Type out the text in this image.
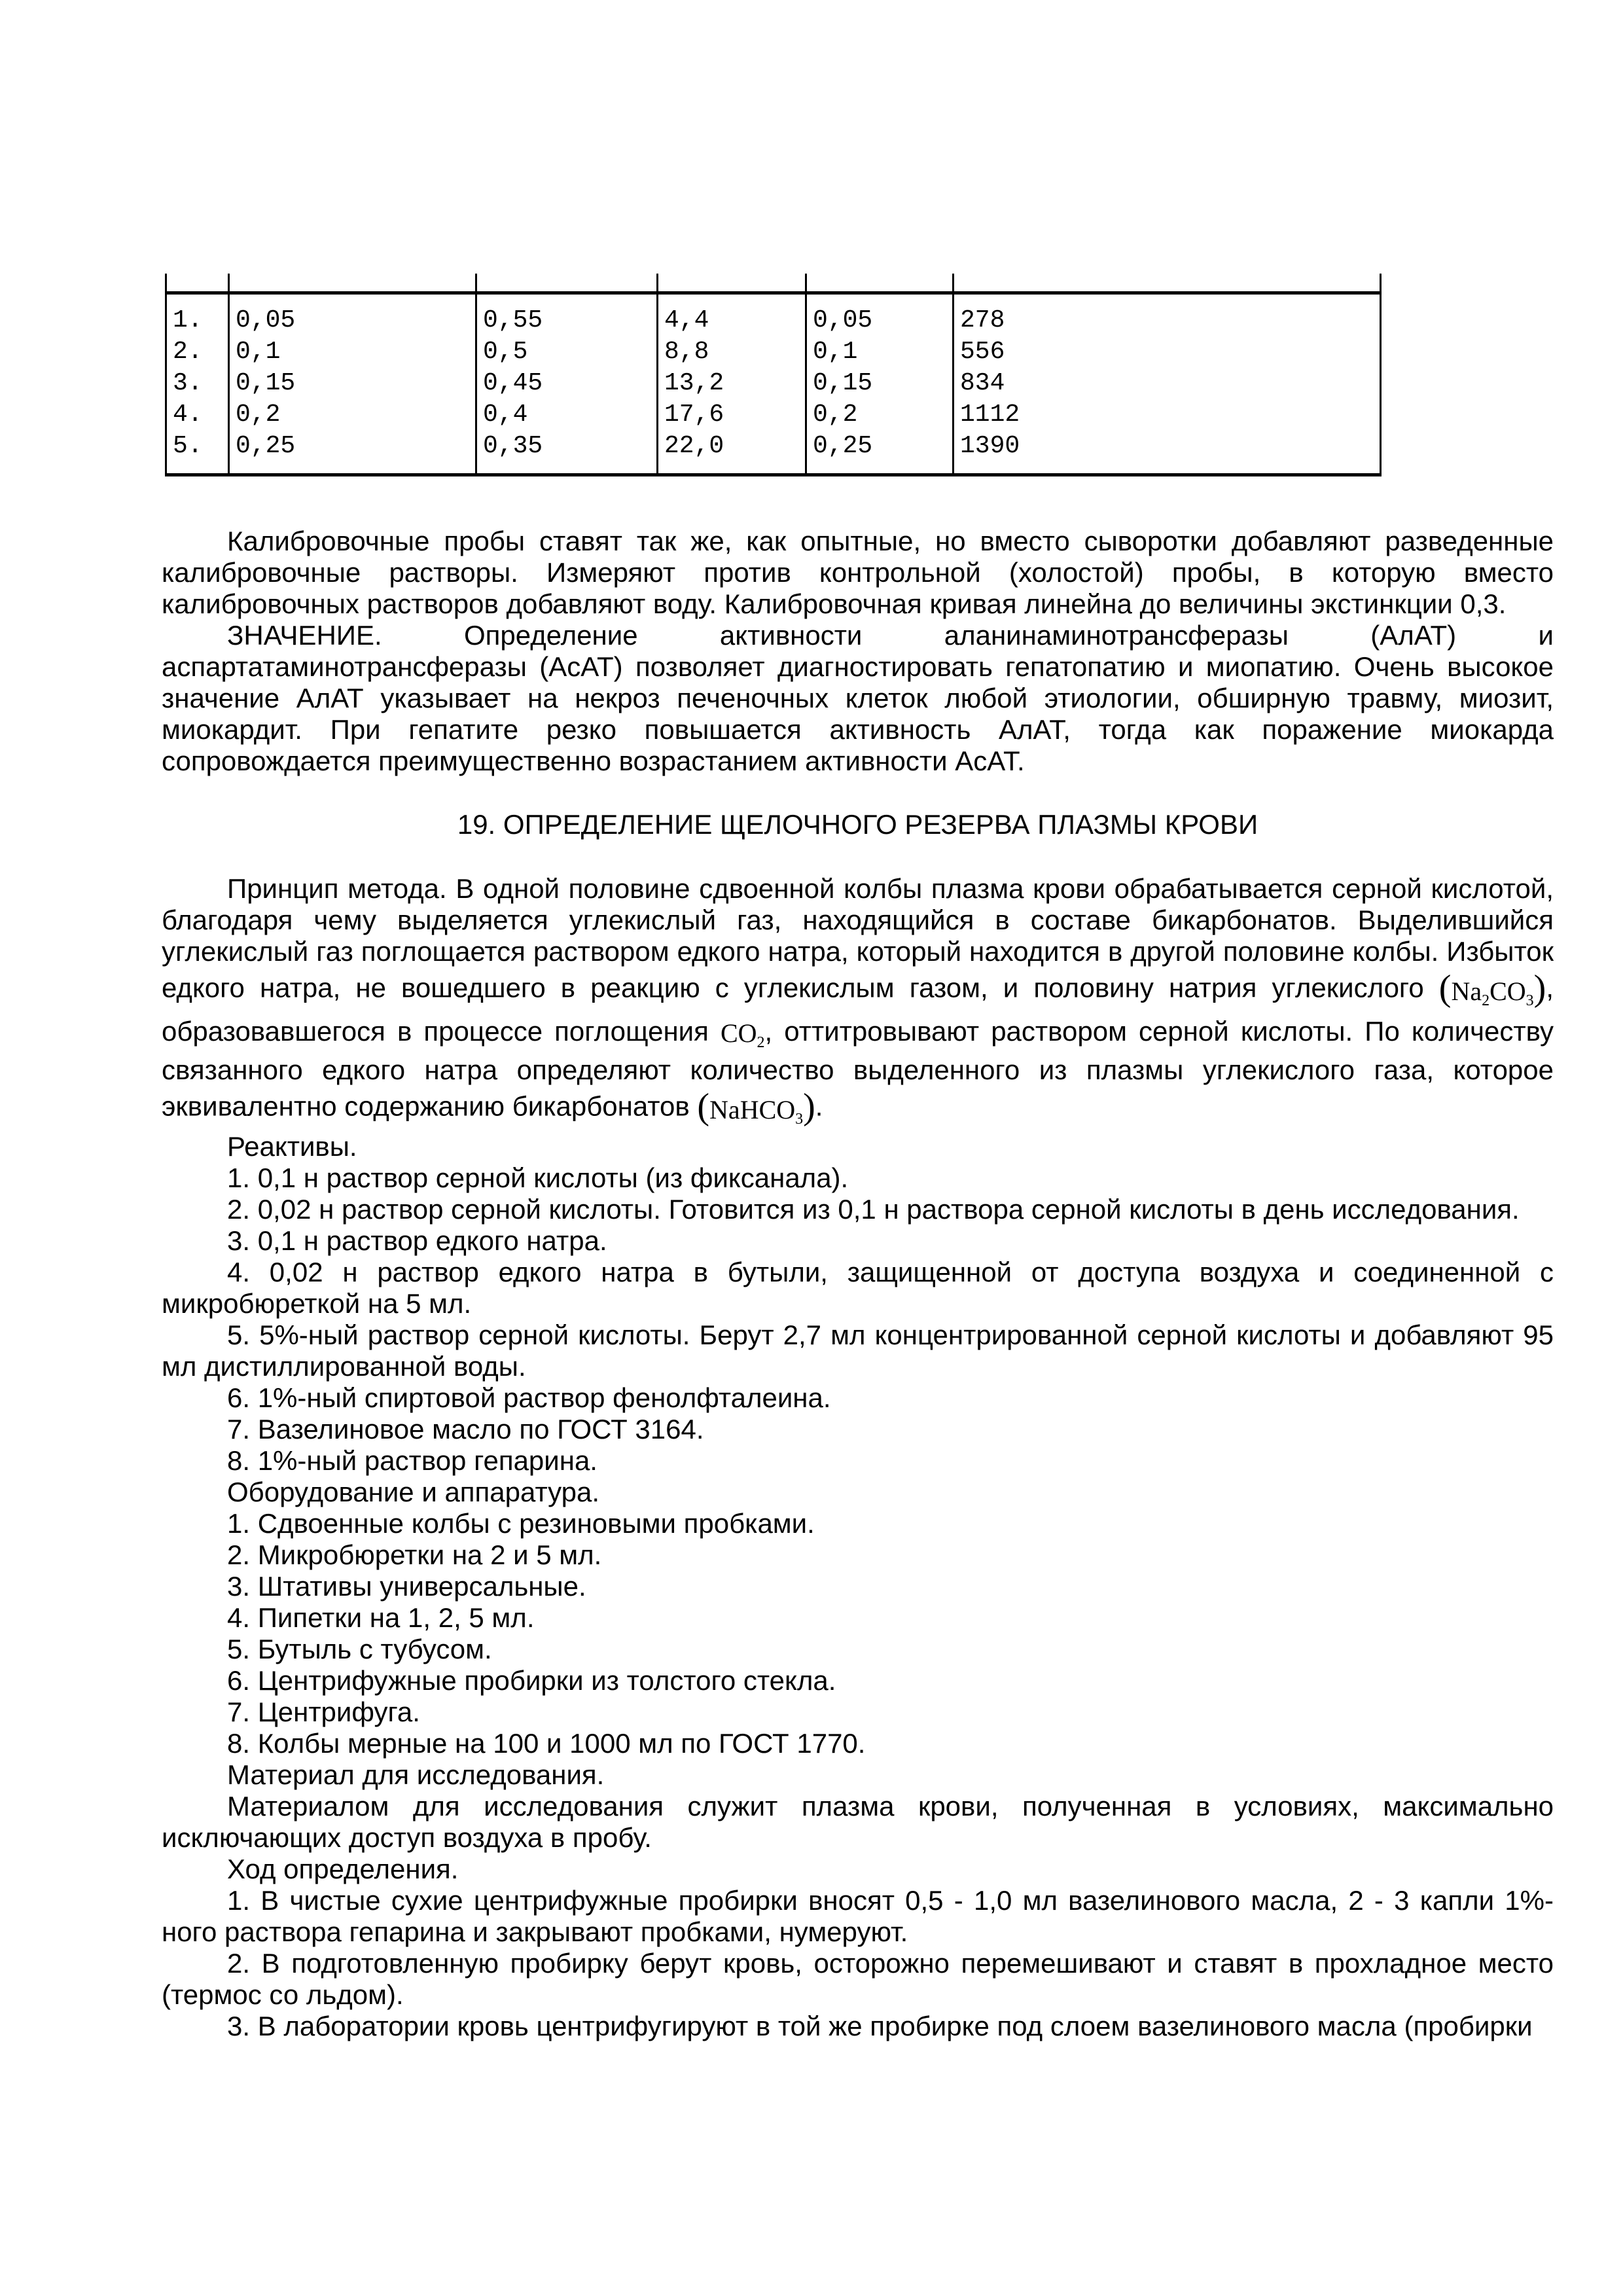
1. 0,05	0,55	4,4	0,05	278
2. 0,1	0,5	8,8	0,1	556
3. 0,15	0,45	13,2	0,15	834
4. 0,2	0,4	17,6	0,2	1112
5. 0,25	0,35	22,0	0,25	1390

Калибровочные пробы ставят так же, как опытные, но вместо сыворотки добавляют разведенные калибровочные растворы. Измеряют против контрольной (холостой) пробы, в которую вместо калибровочных растворов добавляют воду. Калибровочная кривая линейна до величины экстинкции 0,3.

ЗНАЧЕНИЕ. Определение активности аланинаминотрансферазы (АлАТ) и аспартатаминотрансферазы (АсАТ) позволяет диагностировать гепатопатию и миопатию. Очень высокое значение АлАТ указывает на некроз печеночных клеток любой этиологии, обширную травму, миозит, миокардит. При гепатите резко повышается активность АлАТ, тогда как поражение миокарда сопровождается преимущественно возрастанием активности АсАТ.

19. ОПРЕДЕЛЕНИЕ ЩЕЛОЧНОГО РЕЗЕРВА ПЛАЗМЫ КРОВИ

Принцип метода. В одной половине сдвоенной колбы плазма крови обрабатывается серной кислотой, благодаря чему выделяется углекислый газ, находящийся в составе бикарбонатов. Выделившийся углекислый газ поглощается раствором едкого натра, который находится в другой половине колбы. Избыток едкого натра, не вошедшего в реакцию с углекислым газом, и половину натрия углекислого $(Na_2CO_3)$, образовавшегося в процессе поглощения $CO_2$, оттитровывают раствором серной кислоты. По количеству связанного едкого натра определяют количество выделенного из плазмы углекислого газа, которое эквивалентно содержанию бикарбонатов (NaHCO$_3$).

Реактивы.

1. 0,1 н раствор серной кислоты (из фиксанала).

2. 0,02 н раствор серной кислоты. Готовится из 0,1 н раствора серной кислоты в день исследования.

3. 0,1 н раствор едкого натра.

4. 0,02 н раствор едкого натра в бутыли, защищенной от доступа воздуха и соединенной с микробюреткой на 5 мл.

5. 5%-ный раствор серной кислоты. Берут 2,7 мл концентрированной серной кислоты и добавляют 95 мл дистиллированной воды.

6. 1%-ный спиртовой раствор фенолфталеина.

7. Вазелиновое масло по ГОСТ 3164.

8. 1%-ный раствор гепарина.

Оборудование и аппаратура.

1. Сдвоенные колбы с резиновыми пробками.

2. Микробюретки на 2 и 5 мл.

3. Штативы универсальные.

4. Пипетки на 1, 2, 5 мл.

5. Бутыль с тубусом.

6. Центрифужные пробирки из толстого стекла.

7. Центрифуга.

8. Колбы мерные на 100 и 1000 мл по ГОСТ 1770.

Материал для исследования.

Материалом для исследования служит плазма крови, полученная в условиях, максимально исключающих доступ воздуха в пробу.

Ход определения.

1. В чистые сухие центрифужные пробирки вносят 0,5 - 1,0 мл вазелинового масла, 2 - 3 капли 1%-ного раствора гепарина и закрывают пробками, нумеруют.

2. В подготовленную пробирку берут кровь, осторожно перемешивают и ставят в прохладное место (термос со льдом).

3. В лаборатории кровь центрифугируют в той же пробирке под слоем вазелинового масла (пробирки
